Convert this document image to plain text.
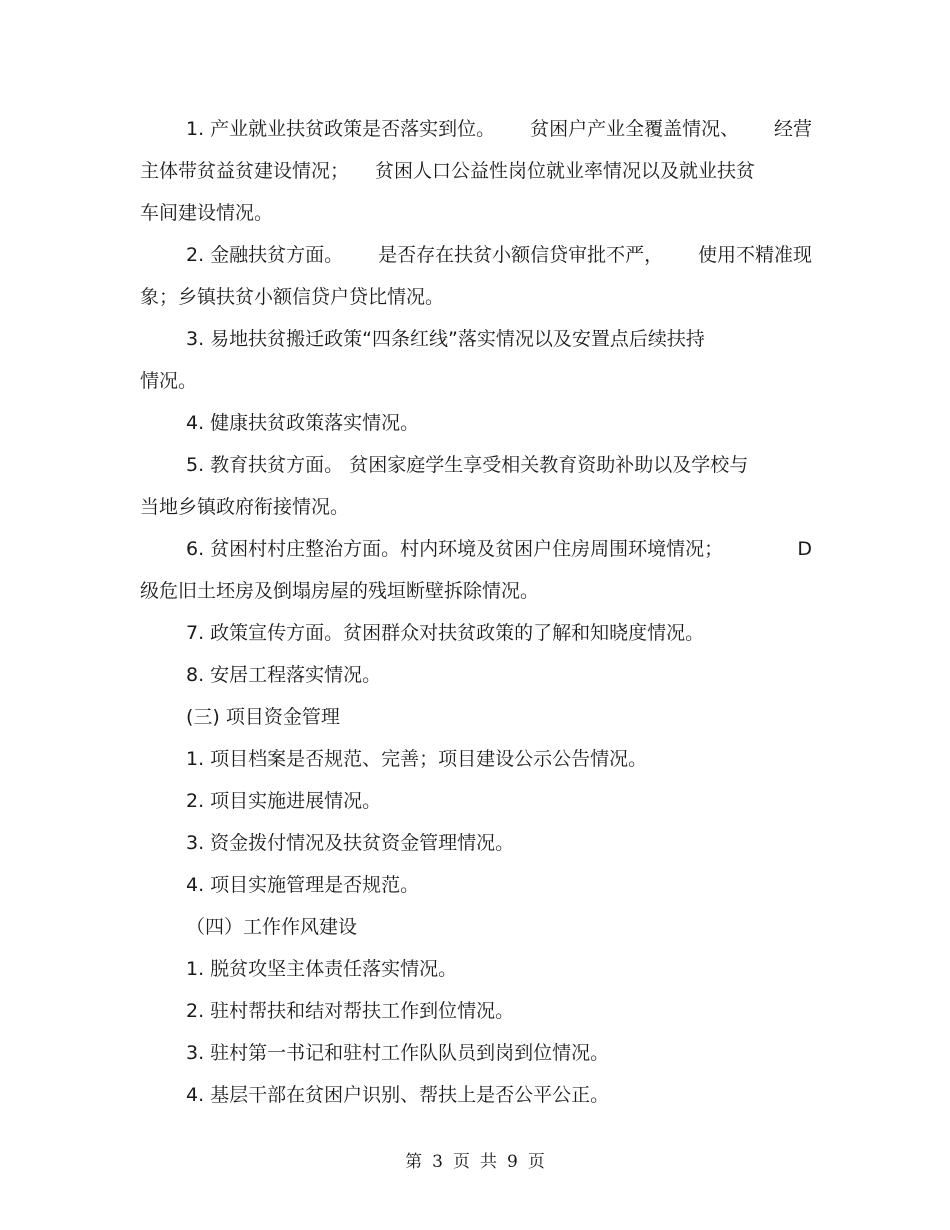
1. 产业就业扶贫政策是否落实到位。 贫困户产业全覆盖情况、 经营
主体带贫益贫建设情况； 贫困人口公益性岗位就业率情况以及就业扶贫
车间建设情况。
2. 金融扶贫方面。 是否存在扶贫小额信贷审批不严， 使用不精准现
象；乡镇扶贫小额信贷户贷比情况。
3. 易地扶贫搬迁政策“四条红线”落实情况以及安置点后续扶持
情况。
4. 健康扶贫政策落实情况。
5. 教育扶贫方面。 贫困家庭学生享受相关教育资助补助以及学校与
当地乡镇政府衔接情况。
6. 贫困村村庄整治方面。村内环境及贫困户住房周围环境情况；	D
级危旧土坯房及倒塌房屋的残垣断壁拆除情况。
7. 政策宣传方面。贫困群众对扶贫政策的了解和知晓度情况。
8. 安居工程落实情况。
(三) 项目资金管理
1. 项目档案是否规范、完善；项目建设公示公告情况。
2. 项目实施进展情况。
3. 资金拨付情况及扶贫资金管理情况。
4. 项目实施管理是否规范。
（四）工作作风建设
1. 脱贫攻坚主体责任落实情况。
2. 驻村帮扶和结对帮扶工作到位情况。
3. 驻村第一书记和驻村工作队队员到岗到位情况。
4. 基层干部在贫困户识别、帮扶上是否公平公正。
第 3 页 共 9 页
